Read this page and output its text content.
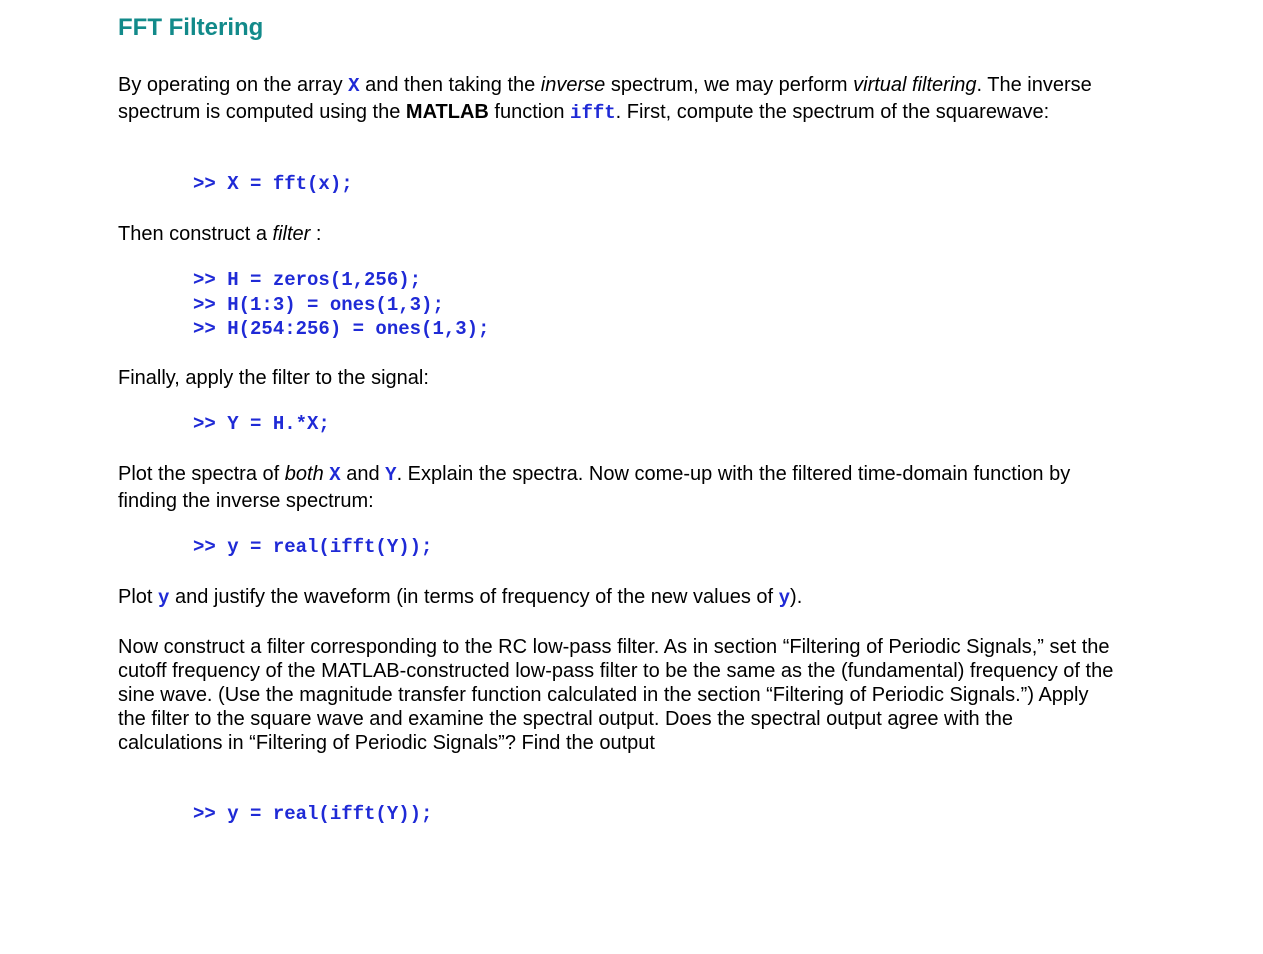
FFT Filtering
By operating on the array X and then taking the inverse spectrum, we may perform virtual filtering. The inverse spectrum is computed using the MATLAB function ifft. First, compute the spectrum of the squarewave:
>> X = fft(x);
Then construct a filter :
>> H = zeros(1,256);
>> H(1:3) = ones(1,3);
>> H(254:256) = ones(1,3);
Finally, apply the filter to the signal:
>> Y = H.*X;
Plot the spectra of both X and Y. Explain the spectra. Now come-up with the filtered time-domain function by finding the inverse spectrum:
>> y = real(ifft(Y));
Plot y and justify the waveform (in terms of frequency of the new values of y).
Now construct a filter corresponding to the RC low-pass filter. As in section “Filtering of Periodic Signals,” set the cutoff frequency of the MATLAB-constructed low-pass filter to be the same as the (fundamental) frequency of the sine wave. (Use the magnitude transfer function calculated in the section “Filtering of Periodic Signals.”) Apply the filter to the square wave and examine the spectral output. Does the spectral output agree with the calculations in “Filtering of Periodic Signals”? Find the output
>> y = real(ifft(Y));
